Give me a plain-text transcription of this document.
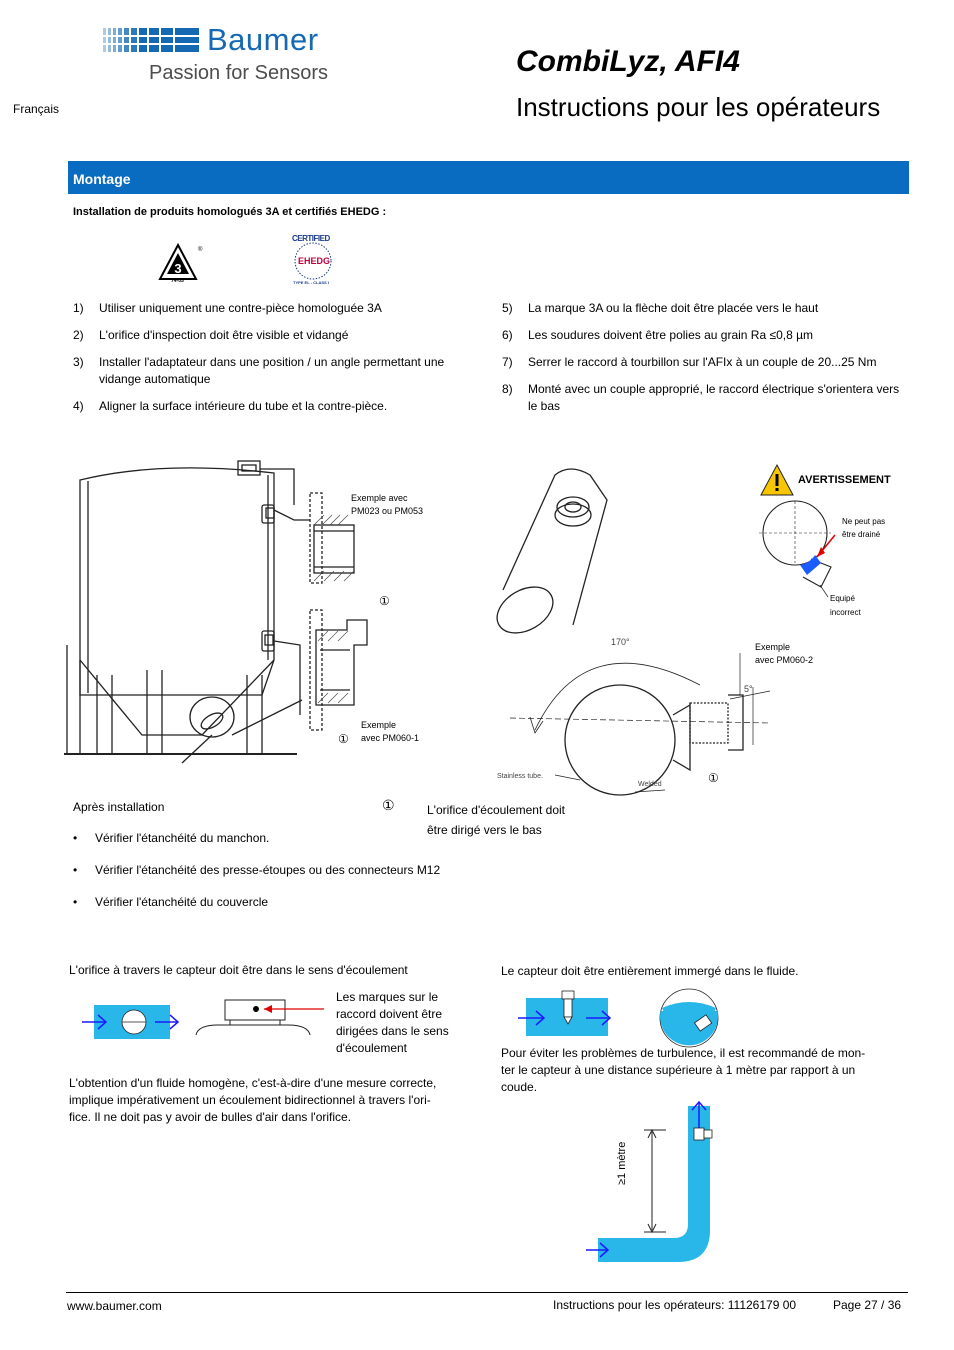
Baumer
Passion for Sensors
Français
CombiLyz, AFI4
Instructions pour les opérateurs
Montage
Installation de produits homologués 3A et certifiés EHEDG :
3
®
74-05
CERTIFIED
EHEDG
TYPE EL - CLASS I
1)	Utiliser uniquement une contre-pièce homologuée 3A
2)	L'orifice d'inspection doit être visible et vidangé
3)	Installer l'adaptateur dans une position / un angle permettant une vidange automatique
4)	Aligner la surface intérieure du tube et la contre-pièce.
5)	La marque 3A ou la flèche doit être placée vers le haut
6)	Les soudures doivent être polies au grain Ra ≤0,8 µm
7)	Serrer le raccord à tourbillon sur l'AFIx à un couple de 20...25 Nm
8)	Monté avec un couple approprié, le raccord électrique s'orientera vers le bas
Exemple avec
PM023 ou PM053
①
Exemple
avec PM060-1
①
AVERTISSEMENT
Ne peut pas
être drainé
Equipé
incorrect
170°
5°
Exemple
avec PM060-2
Stainless tube.
Welded	①
Après installation
•	Vérifier l'étanchéité du manchon.
•	Vérifier l'étanchéité des presse-étoupes ou des connecteurs M12
•	Vérifier l'étanchéité du couvercle
①	L'orifice d'écoulement doit
être dirigé vers le bas
L'orifice à travers le capteur doit être dans le sens d'écoulement
Les marques sur le
raccord doivent être
dirigées dans le sens
d'écoulement
L'obtention d'un fluide homogène, c'est-à-dire d'une mesure correcte,
implique impérativement un écoulement bidirectionnel à travers l'ori-
fice. Il ne doit pas y avoir de bulles d'air dans l'orifice.
Le capteur doit être entièrement immergé dans le fluide.
Pour éviter les problèmes de turbulence, il est recommandé de mon-
ter le capteur à une distance supérieure à 1 mètre par rapport à un
coude.
≥1 mètre
www.baumer.com	Instructions pour les opérateurs: 11126179 00	Page 27 / 36
